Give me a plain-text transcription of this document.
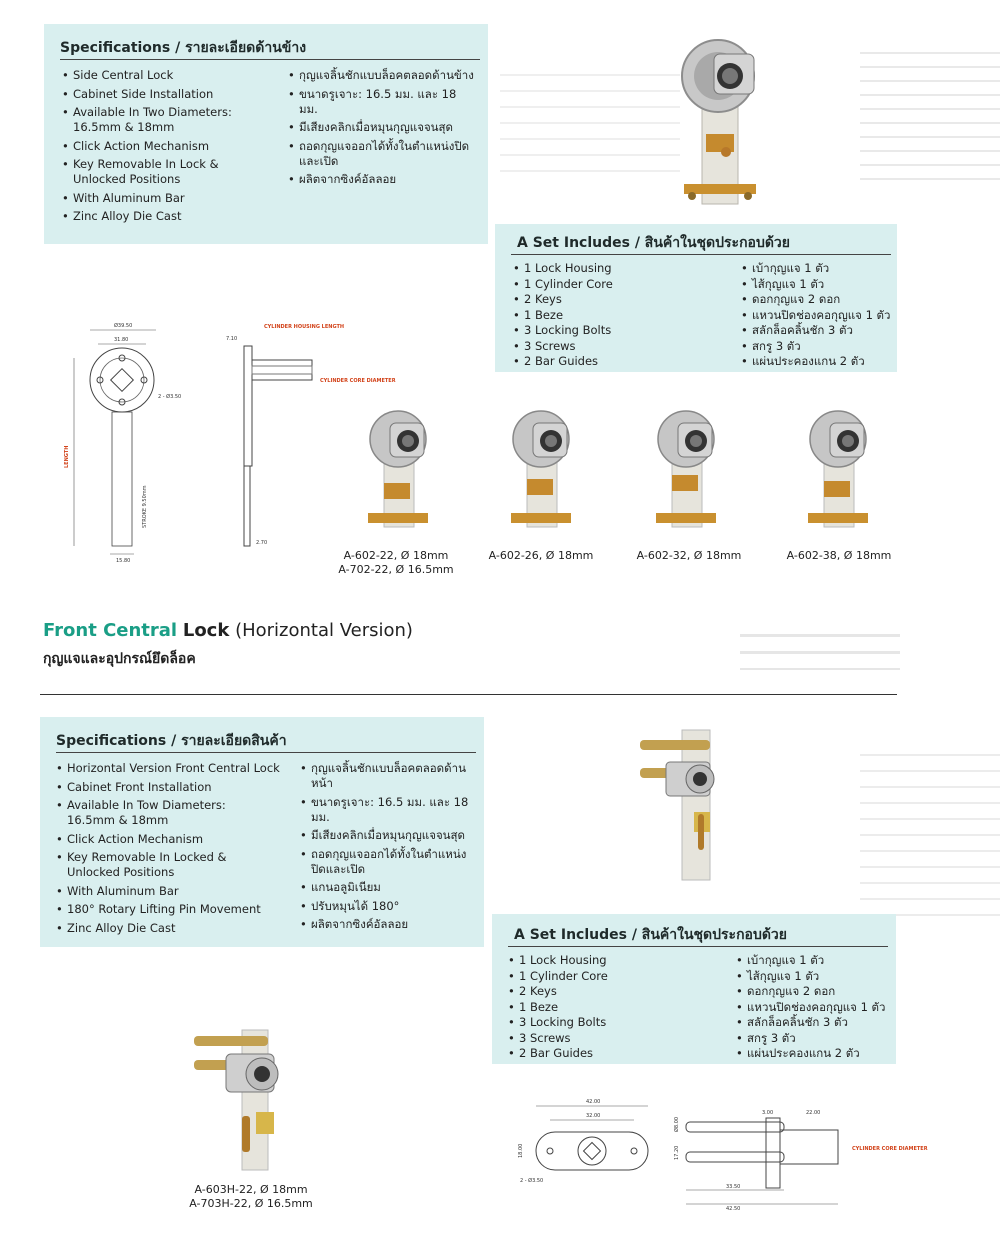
Specifications / รายละเอียดด้านข้าง
• Side Central Lock
• Cabinet Side Installation
• Available In Two Diameters: 16.5mm & 18mm
• Click Action Mechanism
• Key Removable In Lock & Unlocked Positions
• With Aluminum Bar
• Zinc Alloy Die Cast
• กุญแจลิ้นชักแบบล็อคตลอดด้านข้าง
• ขนาดรูเจาะ: 16.5 มม. และ 18 มม.
• มีเสียงคลิกเมื่อหมุนกุญแจจนสุด
• ถอดกุญแจออกได้ทั้งในตำแหน่งปิดและเปิด
• ผลิตจากซิงค์อัลลอย
A Set Includes / สินค้าในชุดประกอบด้วย
• 1 Lock Housing
• 1 Cylinder Core
• 2 Keys
• 1 Beze
• 3 Locking Bolts
• 3 Screws
• 2 Bar Guides
• เบ้ากุญแจ 1 ตัว
• ไส้กุญแจ 1 ตัว
• ดอกกุญแจ 2 ดอก
• แหวนปิดช่องคอกุญแจ 1 ตัว
• สลักล็อคลิ้นชัก 3 ตัว
• สกรู 3 ตัว
• แผ่นประคองแกน 2 ตัว
Ø39.50
31.80
2 - Ø3.50
LENGTH
STROKE 9.50mm
15.80
7.10
CYLINDER HOUSING LENGTH
CYLINDER CORE DIAMETER
2.70
A-602-22, Ø 18mm
A-702-22, Ø 16.5mm
A-602-26, Ø 18mm	A-602-32, Ø 18mm	A-602-38, Ø 18mm
Front Central Lock (Horizontal Version)
กุญแจและอุปกรณ์ยึดล็อค
Specifications / รายละเอียดสินค้า
• Horizontal Version Front Central Lock
• Cabinet Front Installation
• Available In Tow Diameters: 16.5mm & 18mm
• Click Action Mechanism
• Key Removable In Locked & Unlocked Positions
• With Aluminum Bar
• 180° Rotary Lifting Pin Movement
• Zinc Alloy Die Cast
• กุญแจลิ้นชักแบบล็อคตลอดด้านหน้า
• ขนาดรูเจาะ: 16.5 มม. และ 18 มม.
• มีเสียงคลิกเมื่อหมุนกุญแจจนสุด
• ถอดกุญแจออกได้ทั้งในตำแหน่งปิดและเปิด
• แกนอลูมิเนียม
• ปรับหมุนได้ 180°
• ผลิตจากซิงค์อัลลอย
A Set Includes / สินค้าในชุดประกอบด้วย
• 1 Lock Housing
• 1 Cylinder Core
• 2 Keys
• 1 Beze
• 3 Locking Bolts
• 3 Screws
• 2 Bar Guides
• เบ้ากุญแจ 1 ตัว
• ไส้กุญแจ 1 ตัว
• ดอกกุญแจ 2 ดอก
• แหวนปิดช่องคอกุญแจ 1 ตัว
• สลักล็อคลิ้นชัก 3 ตัว
• สกรู 3 ตัว
• แผ่นประคองแกน 2 ตัว
A-603H-22, Ø 18mm
A-703H-22, Ø 16.5mm
42.00
32.00
18.00
2 - Ø3.50
3.00	22.00
Ø8.00
17.20	CYLINDER CORE DIAMETER
33.50
42.50
